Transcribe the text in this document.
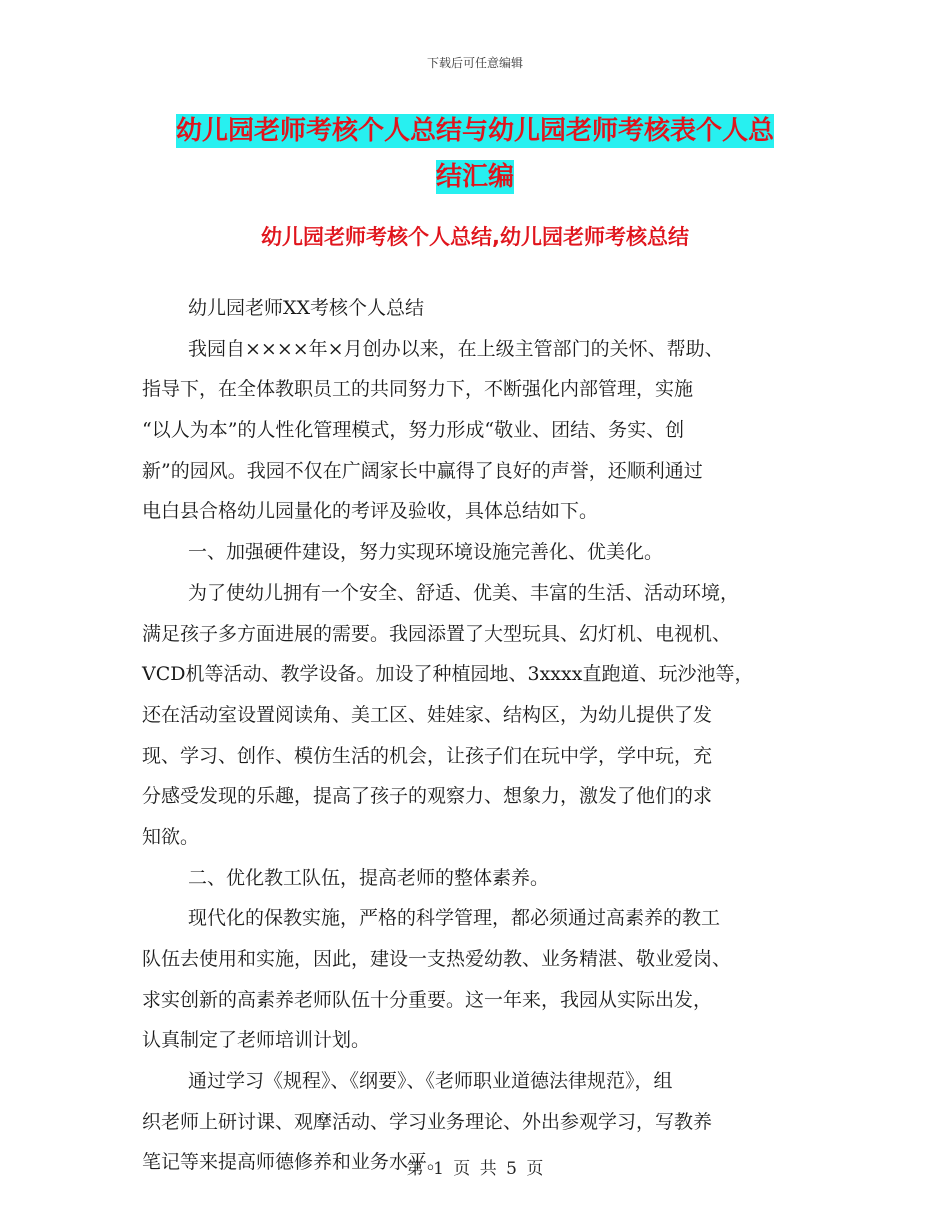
下载后可任意编辑
幼儿园老师考核个人总结与幼儿园老师考核表个人总
结汇编
幼儿园老师考核个人总结,幼儿园老师考核总结
幼儿园老师XX考核个人总结
我园自××××年×月创办以来，在上级主管部门的关怀、帮助、
指导下，在全体教职员工的共同努力下，不断强化内部管理，实施
“以人为本”的人性化管理模式，努力形成“敬业、团结、务实、创
新”的园风。我园不仅在广阔家长中赢得了良好的声誉，还顺利通过
电白县合格幼儿园量化的考评及验收，具体总结如下。
一、加强硬件建设，努力实现环境设施完善化、优美化。
为了使幼儿拥有一个安全、舒适、优美、丰富的生活、活动环境，
满足孩子多方面进展的需要。我园添置了大型玩具、幻灯机、电视机、
VCD机等活动、教学设备。加设了种植园地、3xxxx直跑道、玩沙池等，
还在活动室设置阅读角、美工区、娃娃家、结构区，为幼儿提供了发
现、学习、创作、模仿生活的机会，让孩子们在玩中学，学中玩，充
分感受发现的乐趣，提高了孩子的观察力、想象力，激发了他们的求
知欲。
二、优化教工队伍，提高老师的整体素养。
现代化的保教实施，严格的科学管理，都必须通过高素养的教工
队伍去使用和实施，因此，建设一支热爱幼教、业务精湛、敬业爱岗、
求实创新的高素养老师队伍十分重要。这一年来，我园从实际出发，
认真制定了老师培训计划。
通过学习《规程》、《纲要》、《老师职业道德法律规范》，组
织老师上研讨课、观摩活动、学习业务理论、外出参观学习，写教养
笔记等来提高师德修养和业务水平。
第 1 页 共 5 页
